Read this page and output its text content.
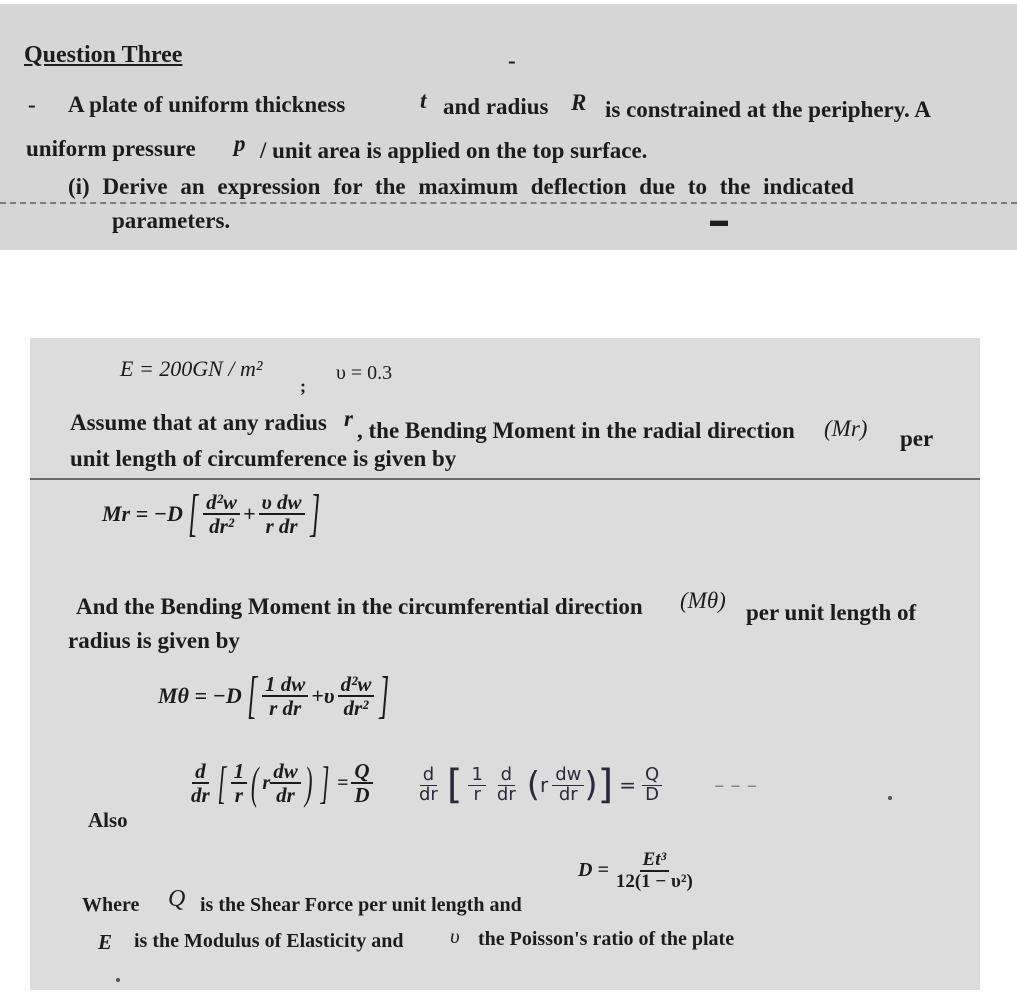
Question Three	-
- A plate of uniform thickness	t and radius R is constrained at the periphery. A
uniform pressure p / unit area is applied on the top surface.
(i) Derive an expression for the maximum deflection due to the indicated
parameters.	▬
E = 200GN / m²
;
υ = 0.3
Assume that at any radius r , the Bending Moment in the radial direction (Mr) per
unit length of circumference is given by
Mr = −D [ $\frac{\text{d²w}}{\text{dr²}} + \frac{\text{υ dw}}{\text{r dr}}$ ]
And the Bending Moment in the circumferential direction (Mθ) per unit length of
radius is given by
Mθ = −D [ $\frac{1 dw}{\text{r dr}} +\upsilon \frac{\text{d²w}}{\text{dr²}}$ ]
Also
$\frac{d}{dr}$ [ $\frac{1}{r}$ ( r $\frac{dw}{dr}$ ) ] = $\frac{Q}{D} \frac{d}{dr}$ [ $\frac{1}{r} \frac{d}{dr}$ ( r $\frac{dw}{dr}$ ) ] = $\frac{Q}{D}$	– – –
$D = \frac{\text{Et³}}{\text{12(1 − υ²)}}$
Where Q is the Shear Force per unit length and
E is the Modulus of Elasticity and υ the Poisson's ratio of the plate
